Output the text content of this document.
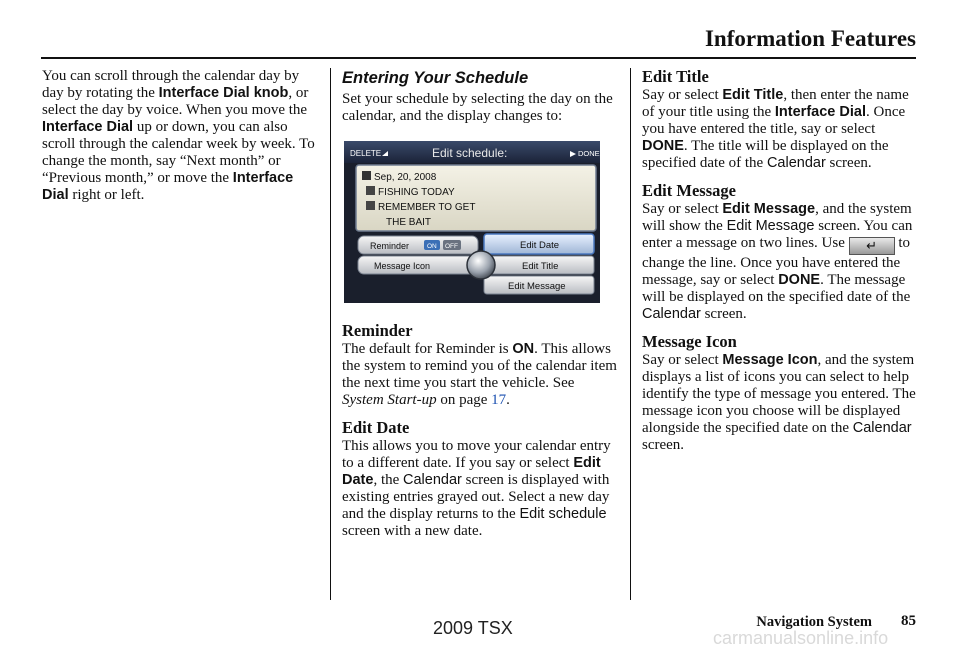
Information Features

You can scroll through the calendar day by day by rotating the Interface Dial knob, or select the day by voice. When you move the Interface Dial up or down, you can also scroll through the calendar week by week. To change the month, say “Next month” or “Previous month,” or move the Interface Dial right or left.

Entering Your Schedule

Set your schedule by selecting the day on the calendar, and the display changes to:

DELETE	Edit schedule:	DONE
Sep, 20, 2008
FISHING TODAY
REMEMBER TO GET
THE BAIT
Reminder	ON OFF
Message Icon
Edit Date
Edit Title
Edit Message
Reminder
The default for Reminder is ON. This allows the system to remind you of the calendar item the next time you start the vehicle. See System Start-up on page 17.
Edit Date
This allows you to move your calendar entry to a different date. If you say or select Edit Date, the Calendar screen is displayed with existing entries grayed out. Select a new day and the display returns to the Edit schedule screen with a new date.
Edit Title
Say or select Edit Title, then enter the name of your title using the Interface Dial. Once you have entered the title, say or select DONE. The title will be displayed on the specified date of the Calendar screen.
Edit Message
Say or select Edit Message, and the system will show the Edit Message screen. You can enter a message on two lines. Use ↵ to change the line. Once you have entered the message, say or select DONE. The message will be displayed on the specified date of the Calendar screen.
Message Icon
Say or select Message Icon, and the system displays a list of icons you can select to help identify the type of message you entered. The message icon you choose will be displayed alongside the specified date on the Calendar screen.
Navigation System 85
2009 TSX	carmanualsonline.info
